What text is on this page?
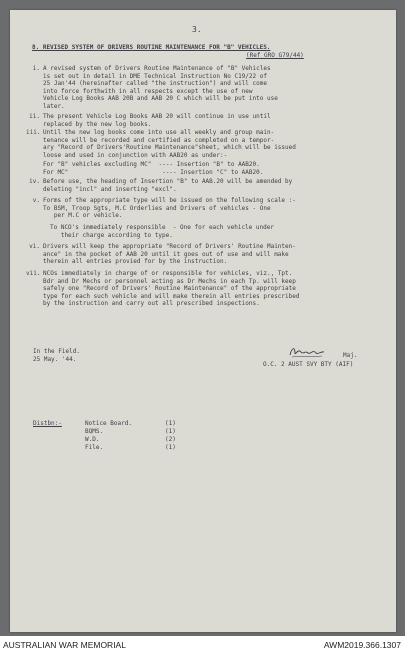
3.
8. REVISED SYSTEM OF DRIVERS ROUTINE MAINTENANCE FOR "B" VEHICLES.
(Ref GRO G79/44)
i. A revised system of Drivers Routine Maintenance of "B" Vehicles
is set out in detail in DME Technical Instruction No C19/22 of
25 Jan'44 (hereinafter called "the instruction") and will come
into force forthwith in all respects except the use of new
Vehicle Log Books AAB 20B and AAB 20 C which will be put into use
later.
ii. The present Vehicle Log Books AAB 20 will continue in use until
replaced by the new log books.
iii. Until the new log books come into use all weekly and group main-
tenance will be recorded and certified as completed on a tempor-
ary "Record of Drivers'Routine Maintenance"sheet, which will be issued
loose and used in conjunction with AAB20 as under:-
For "B" vehicles excluding MC"  ---- Insertion "B" to AAB20.
For MC"                          ---- Insertion "C" to AAB20.
iv. Before use, the heading of Insertion "B" to AAB.20 will be amended by
deleting "incl" and inserting "excl".
v. Forms of the appropriate type will be issued on the following scale :-
To BSM, Troop Sgts, M.C Orderlies and Drivers of vehicles - One
per M.C or vehicle.
To NCO's immediately responsible  - One for each vehicle under
their charge according to type.
vi. Drivers will keep the appropriate "Record of Drivers' Routine Mainten-
ance" in the pocket of AAB 20 until it goes out of use and will make
therein all entries provied for by the instruction.
vii. NCOs immediately in charge of or responsible for vehicles, viz., Tpt.
Bdr and Dr Mechs or personnel acting as Dr Mechs in each Tp. will keep
safely one "Record of Drivers' Routine Maintenance" of the appropriate
type for each such vehicle and will make therein all entries prescribed
by the instruction and carry out all prescribed inspections.
In the Field.
25 May. '44.
Maj.
O.C. 2 AUST SVY BTY (AIF)
Distbn:-	Notice Board.	(1)
BQMS.	(1)
W.D.	(2)
File.	(1)
AUSTRALIAN WAR MEMORIAL	AWM2019.366.1307
